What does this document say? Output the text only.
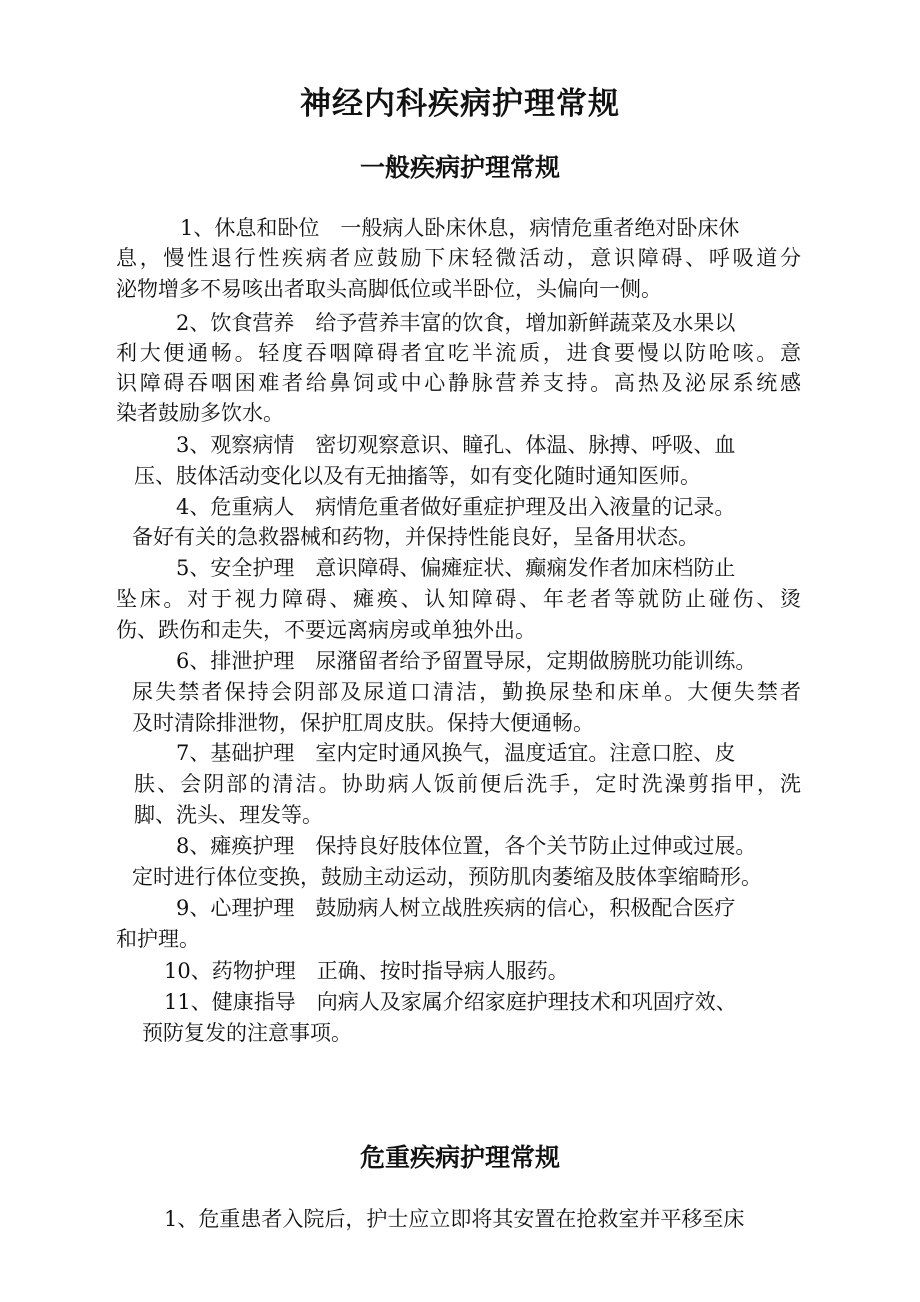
神经内科疾病护理常规
一般疾病护理常规
1、休息和卧位　一般病人卧床休息，病情危重者绝对卧床休
息，慢性退行性疾病者应鼓励下床轻微活动，意识障碍、呼吸道分
泌物增多不易咳出者取头高脚低位或半卧位，头偏向一侧。
2、饮食营养　给予营养丰富的饮食，增加新鲜蔬菜及水果以
利大便通畅。轻度吞咽障碍者宜吃半流质，进食要慢以防呛咳。意
识障碍吞咽困难者给鼻饲或中心静脉营养支持。高热及泌尿系统感
染者鼓励多饮水。
3、观察病情　密切观察意识、瞳孔、体温、脉搏、呼吸、血
压、肢体活动变化以及有无抽搐等，如有变化随时通知医师。
4、危重病人　病情危重者做好重症护理及出入液量的记录。
备好有关的急救器械和药物，并保持性能良好，呈备用状态。
5、安全护理　意识障碍、偏瘫症状、癫痫发作者加床档防止
坠床。对于视力障碍、瘫痪、认知障碍、年老者等就防止碰伤、烫
伤、跌伤和走失，不要远离病房或单独外出。
6、排泄护理　尿潴留者给予留置导尿，定期做膀胱功能训练。
尿失禁者保持会阴部及尿道口清洁，勤换尿垫和床单。大便失禁者
及时清除排泄物，保护肛周皮肤。保持大便通畅。
7、基础护理　室内定时通风换气，温度适宜。注意口腔、皮
肤、会阴部的清洁。协助病人饭前便后洗手，定时洗澡剪指甲，洗
脚、洗头、理发等。
8、瘫痪护理　保持良好肢体位置，各个关节防止过伸或过展。
定时进行体位变换，鼓励主动运动，预防肌肉萎缩及肢体挛缩畸形。
9、心理护理　鼓励病人树立战胜疾病的信心，积极配合医疗
和护理。
10、药物护理　正确、按时指导病人服药。
11、健康指导　向病人及家属介绍家庭护理技术和巩固疗效、
预防复发的注意事项。
危重疾病护理常规
1、危重患者入院后，护士应立即将其安置在抢救室并平移至床
